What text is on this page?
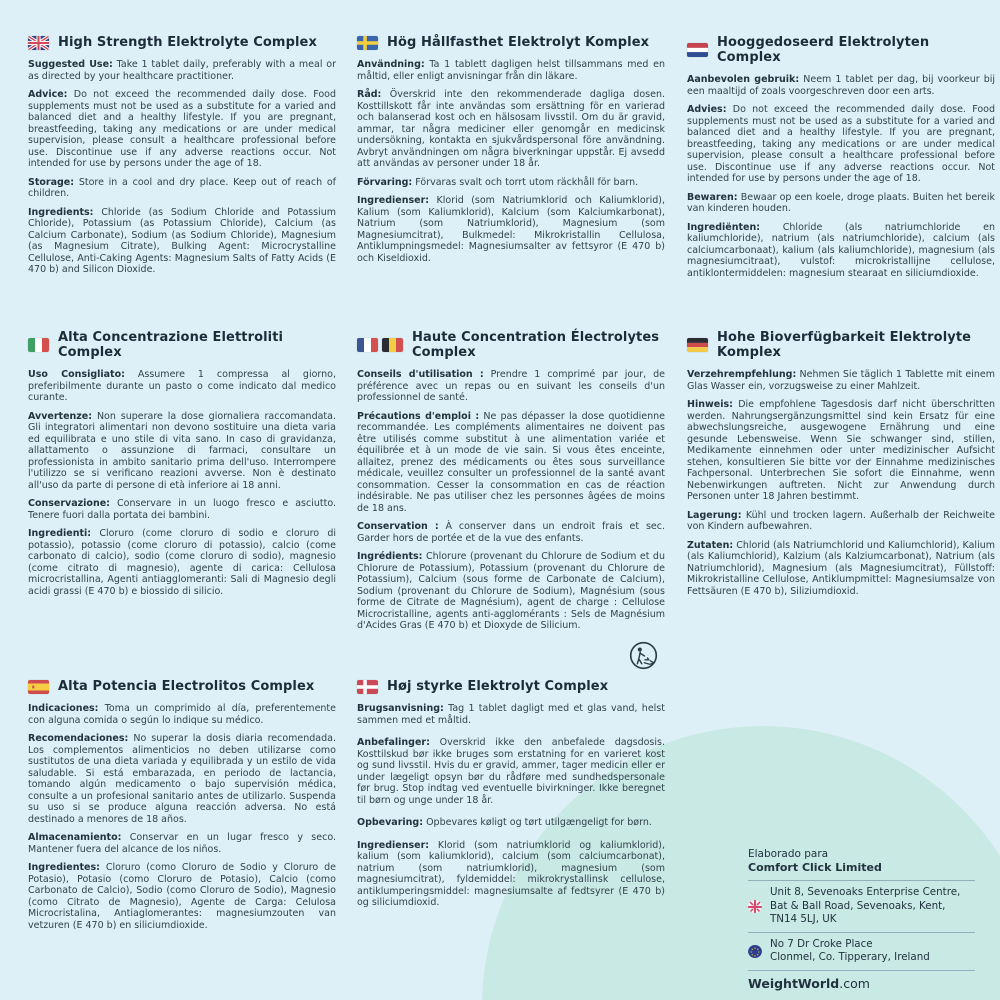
High Strength Elektrolyte Complex

Suggested Use: Take 1 tablet daily, preferably with a meal or as directed by your healthcare practitioner.

Advice: Do not exceed the recommended daily dose. Food supplements must not be used as a substitute for a varied and balanced diet and a healthy lifestyle. If you are pregnant, breastfeeding, taking any medications or are under medical supervision, please consult a healthcare professional before use. Discontinue use if any adverse reactions occur. Not intended for use by persons under the age of 18.

Storage: Store in a cool and dry place. Keep out of reach of children.

Ingredients: Chloride (as Sodium Chloride and Potassium Chloride), Potassium (as Potassium Chloride), Calcium (as Calcium Carbonate), Sodium (as Sodium Chloride), Magnesium (as Magnesium Citrate), Bulking Agent: Microcrystalline Cellulose, Anti-Caking Agents: Magnesium Salts of Fatty Acids (E 470 b) and Silicon Dioxide.

Hög Hållfasthet Elektrolyt Komplex

Användning: Ta 1 tablett dagligen helst tillsammans med en måltid, eller enligt anvisningar från din läkare.

Råd: Överskrid inte den rekommenderade dagliga dosen. Kosttillskott får inte användas som ersättning för en varierad och balanserad kost och en hälsosam livsstil. Om du är gravid, ammar, tar några mediciner eller genomgår en medicinsk undersökning, kontakta en sjukvårdspersonal före användning. Avbryt användningen om några biverkningar uppstår. Ej avsedd att användas av personer under 18 år.

Förvaring: Förvaras svalt och torrt utom räckhåll för barn.

Ingredienser: Klorid (som Natriumklorid och Kaliumklorid), Kalium (som Kaliumklorid), Kalcium (som Kalciumkarbonat), Natrium (som Natriumklorid), Magnesium (som Magnesiumcitrat), Bulkmedel: Mikrokristallin Cellulosa, Antiklumpningsmedel: Magnesiumsalter av fettsyror (E 470 b) och Kiseldioxid.

Hooggedoseerd Elektrolyten Complex

Aanbevolen gebruik: Neem 1 tablet per dag, bij voorkeur bij een maaltijd of zoals voorgeschreven door een arts.

Advies: Do not exceed the recommended daily dose. Food supplements must not be used as a substitute for a varied and balanced diet and a healthy lifestyle. If you are pregnant, breastfeeding, taking any medications or are under medical supervision, please consult a healthcare professional before use. Discontinue use if any adverse reactions occur. Not intended for use by persons under the age of 18.

Bewaren: Bewaar op een koele, droge plaats. Buiten het bereik van kinderen houden.

Ingrediënten: Chloride (als natriumchloride en kaliumchloride), natrium (als natriumchloride), calcium (als calciumcarbonaat), kalium (als kaliumchloride), magnesium (als magnesiumcitraat), vulstof: microkristallijne cellulose, antiklontermiddelen: magnesium stearaat en siliciumdioxide.

Alta Concentrazione Elettroliti Complex

Uso Consigliato: Assumere 1 compressa al giorno, preferibilmente durante un pasto o come indicato dal medico curante.

Avvertenze: Non superare la dose giornaliera raccomandata. Gli integratori alimentari non devono sostituire una dieta varia ed equilibrata e uno stile di vita sano. In caso di gravidanza, allattamento o assunzione di farmaci, consultare un professionista in ambito sanitario prima dell'uso. Interrompere l'utilizzo se si verificano reazioni avverse. Non è destinato all'uso da parte di persone di età inferiore ai 18 anni.

Conservazione: Conservare in un luogo fresco e asciutto. Tenere fuori dalla portata dei bambini.

Ingredienti: Cloruro (come cloruro di sodio e cloruro di potassio), potassio (come cloruro di potassio), calcio (come carbonato di calcio), sodio (come cloruro di sodio), magnesio (come citrato di magnesio), agente di carica: Cellulosa microcristallina, Agenti antiagglomeranti: Sali di Magnesio degli acidi grassi (E 470 b) e biossido di silicio.

Haute Concentration Électrolytes Complex

Conseils d'utilisation : Prendre 1 comprimé par jour, de préférence avec un repas ou en suivant les conseils d'un professionnel de santé.

Précautions d'emploi : Ne pas dépasser la dose quotidienne recommandée. Les compléments alimentaires ne doivent pas être utilisés comme substitut à une alimentation variée et équilibrée et à un mode de vie sain. Si vous êtes enceinte, allaitez, prenez des médicaments ou êtes sous surveillance médicale, veuillez consulter un professionnel de la santé avant consommation. Cesser la consommation en cas de réaction indésirable. Ne pas utiliser chez les personnes âgées de moins de 18 ans.

Conservation : À conserver dans un endroit frais et sec. Garder hors de portée et de la vue des enfants.

Ingrédients: Chlorure (provenant du Chlorure de Sodium et du Chlorure de Potassium), Potassium (provenant du Chlorure de Potassium), Calcium (sous forme de Carbonate de Calcium), Sodium (provenant du Chlorure de Sodium), Magnésium (sous forme de Citrate de Magnésium), agent de charge : Cellulose Microcristalline, agents anti-agglomérants : Sels de Magnésium d'Acides Gras (E 470 b) et Dioxyde de Silicium.

Hohe Bioverfügbarkeit Elektrolyte Komplex

Verzehrempfehlung: Nehmen Sie täglich 1 Tablette mit einem Glas Wasser ein, vorzugsweise zu einer Mahlzeit.

Hinweis: Die empfohlene Tagesdosis darf nicht überschritten werden. Nahrungsergänzungsmittel sind kein Ersatz für eine abwechslungsreiche, ausgewogene Ernährung und eine gesunde Lebensweise. Wenn Sie schwanger sind, stillen, Medikamente einnehmen oder unter medizinischer Aufsicht stehen, konsultieren Sie bitte vor der Einnahme medizinisches Fachpersonal. Unterbrechen Sie sofort die Einnahme, wenn Nebenwirkungen auftreten. Nicht zur Anwendung durch Personen unter 18 Jahren bestimmt.

Lagerung: Kühl und trocken lagern. Außerhalb der Reichweite von Kindern aufbewahren.

Zutaten: Chlorid (als Natriumchlorid und Kaliumchlorid), Kalium (als Kaliumchlorid), Kalzium (als Kalziumcarbonat), Natrium (als Natriumchlorid), Magnesium (als Magnesiumcitrat), Füllstoff: Mikrokristalline Cellulose, Antiklumpmittel: Magnesiumsalze von Fettsäuren (E 470 b), Siliziumdioxid.

Alta Potencia Electrolitos Complex

Indicaciones: Toma un comprimido al día, preferentemente con alguna comida o según lo indique su médico.

Recomendaciones: No superar la dosis diaria recomendada. Los complementos alimenticios no deben utilizarse como sustitutos de una dieta variada y equilibrada y un estilo de vida saludable. Si está embarazada, en periodo de lactancia, tomando algún medicamento o bajo supervisión médica, consulte a un profesional sanitario antes de utilizarlo. Suspenda su uso si se produce alguna reacción adversa. No está destinado a menores de 18 años.

Almacenamiento: Conservar en un lugar fresco y seco. Mantener fuera del alcance de los niños.

Ingredientes: Cloruro (como Cloruro de Sodio y Cloruro de Potasio), Potasio (como Cloruro de Potasio), Calcio (como Carbonato de Calcio), Sodio (como Cloruro de Sodio), Magnesio (como Citrato de Magnesio), Agente de Carga: Celulosa Microcristalina, Antiaglomerantes: magnesiumzouten van vetzuren (E 470 b) en siliciumdioxide.

Høj styrke Elektrolyt Complex

Brugsanvisning: Tag 1 tablet dagligt med et glas vand, helst sammen med et måltid.

Anbefalinger: Overskrid ikke den anbefalede dagsdosis. Kosttilskud bør ikke bruges som erstatning for en varieret kost og sund livsstil. Hvis du er gravid, ammer, tager medicin eller er under lægeligt opsyn bør du rådføre med sundhedspersonale før brug. Stop indtag ved eventuelle bivirkninger. Ikke beregnet til børn og unge under 18 år.

Opbevaring: Opbevares køligt og tørt utilgængeligt for børn.

Ingredienser: Klorid (som natriumklorid og kaliumklorid), kalium (som kaliumklorid), calcium (som calciumcarbonat), natrium (som natriumklorid), magnesium (som magnesiumcitrat), fyldemiddel: mikrokrystallinsk cellulose, antiklumperingsmiddel: magnesiumsalte af fedtsyrer (E 470 b) og siliciumdioxid.

Elaborado para
Comfort Click Limited
Unit 8, Sevenoaks Enterprise Centre,
Bat & Ball Road, Sevenoaks, Kent,
TN14 5LJ, UK
No 7 Dr Croke Place
Clonmel, Co. Tipperary, Ireland
WeightWorld.com
